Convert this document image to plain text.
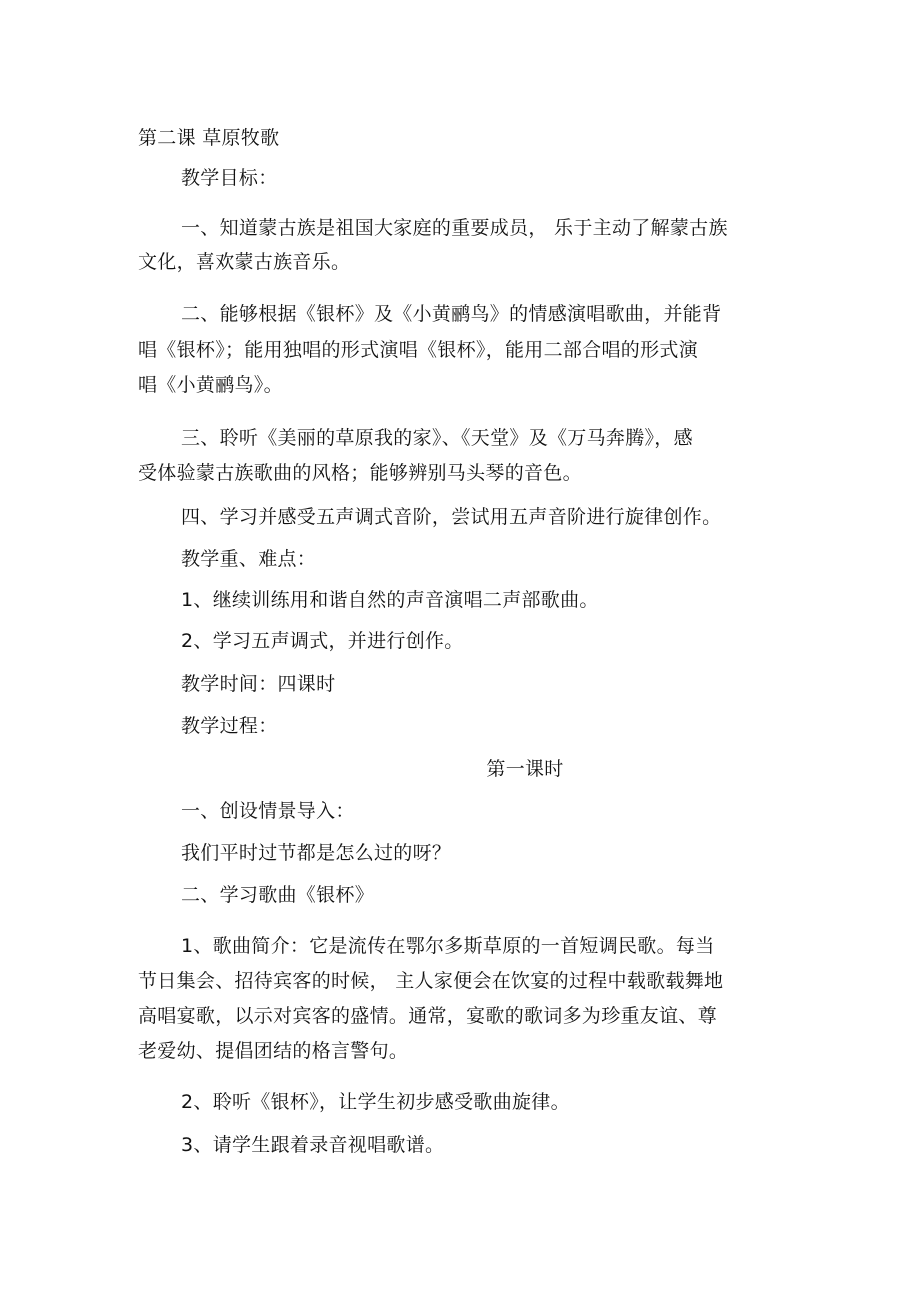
第二课 草原牧歌
教学目标：
一、知道蒙古族是祖国大家庭的重要成员， 乐于主动了解蒙古族
文化，喜欢蒙古族音乐。
二、能够根据《银杯》及《小黄鹂鸟》的情感演唱歌曲，并能背
唱《银杯》；能用独唱的形式演唱《银杯》，能用二部合唱的形式演
唱《小黄鹂鸟》。
三、聆听《美丽的草原我的家》、《天堂》及《万马奔腾》，感
受体验蒙古族歌曲的风格；能够辨别马头琴的音色。
四、学习并感受五声调式音阶，尝试用五声音阶进行旋律创作。
教学重、难点：
1、继续训练用和谐自然的声音演唱二声部歌曲。
2、学习五声调式，并进行创作。
教学时间：四课时
教学过程：
第一课时
一、创设情景导入：
我们平时过节都是怎么过的呀？
二、学习歌曲《银杯》
1、歌曲简介：它是流传在鄂尔多斯草原的一首短调民歌。每当
节日集会、招待宾客的时候， 主人家便会在饮宴的过程中载歌载舞地
高唱宴歌，以示对宾客的盛情。通常，宴歌的歌词多为珍重友谊、尊
老爱幼、提倡团结的格言警句。
2、聆听《银杯》，让学生初步感受歌曲旋律。
3、请学生跟着录音视唱歌谱。
